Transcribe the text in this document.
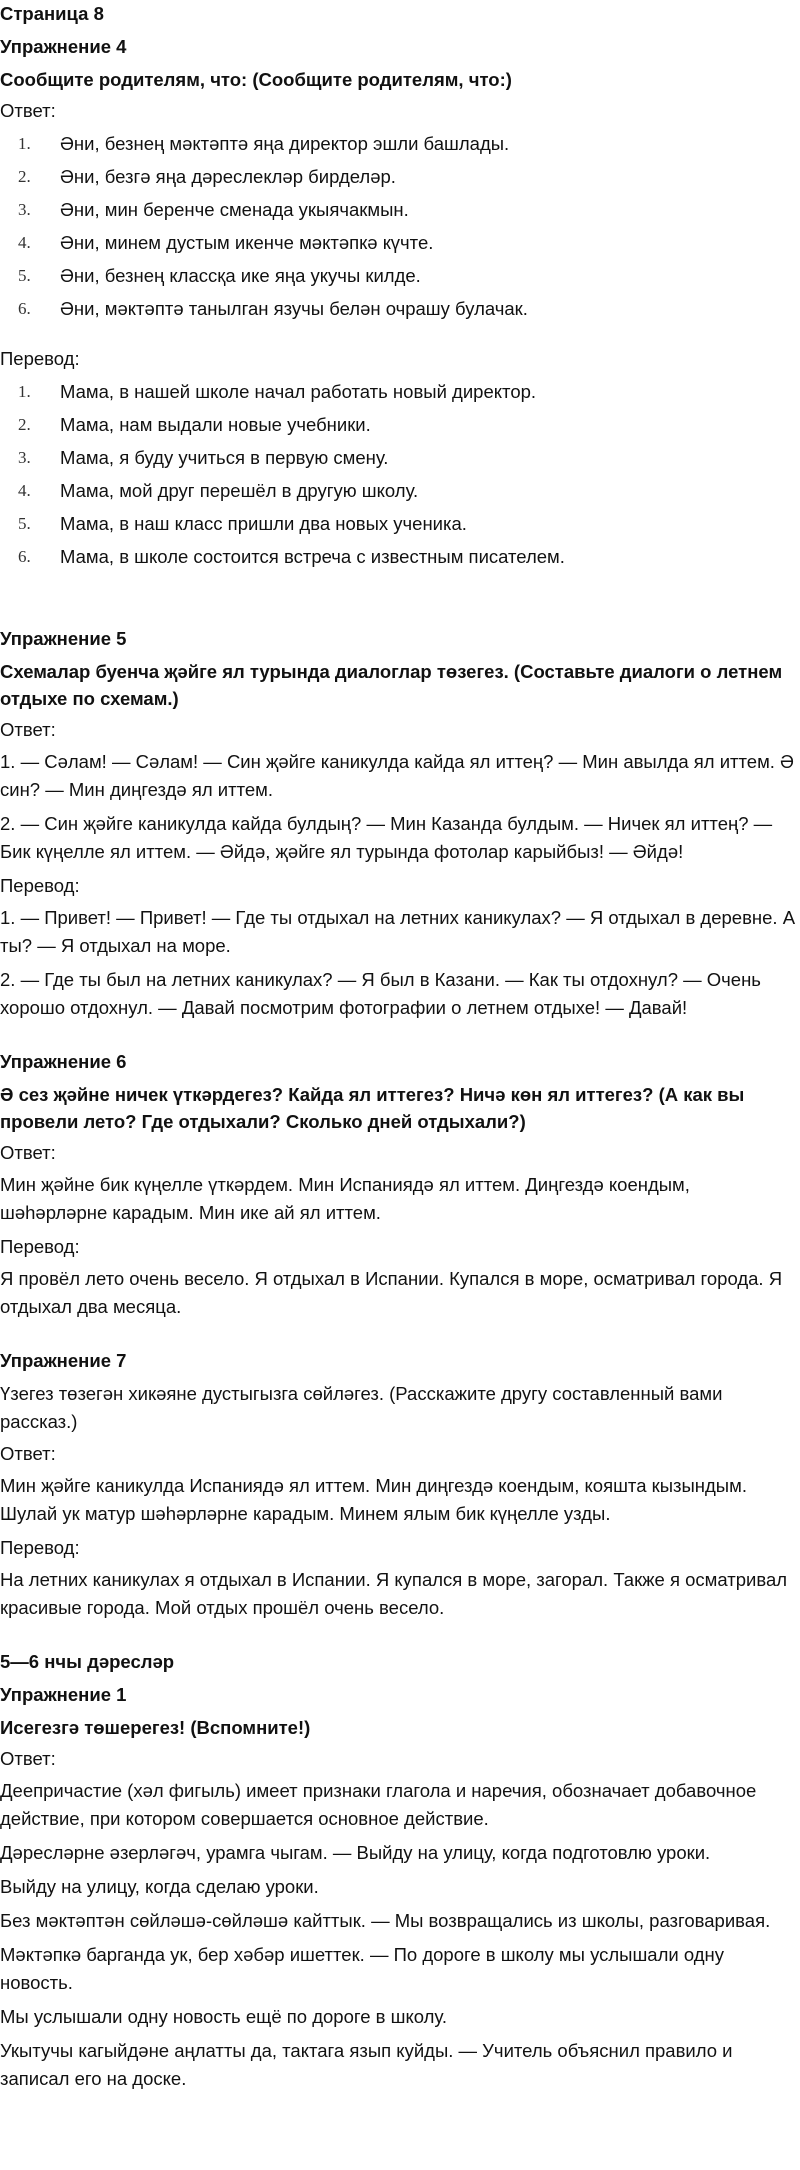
Страница 8

Упражнение 4

Сообщите родителям, что: (Сообщите родителям, что:)

Ответ:

1. Әни, безнең мәктәптә яңа директор эшли башлады.
2. Әни, безгә яңа дәреслекләр бирделәр.
3. Әни, мин беренче сменада укыячакмын.
4. Әни, минем дустым икенче мәктәпкә күчте.
5. Әни, безнең классқа ике яңа укучы килде.
6. Әни, мәктәптә танылган язучы белән очрашу булачак.

Перевод:

1. Мама, в нашей школе начал работать новый директор.
2. Мама, нам выдали новые учебники.
3. Мама, я буду учиться в первую смену.
4. Мама, мой друг перешёл в другую школу.
5. Мама, в наш класс пришли два новых ученика.
6. Мама, в школе состоится встреча с известным писателем.

Упражнение 5

Схемалар буенча җәйге ял турында диалоглар төзегез. (Составьте диалоги о летнем отдыхе по схемам.)

Ответ:

1. — Сәлам! — Сәлам! — Син җәйге каникулда кайда ял иттең? — Мин авылда ял иттем. Ә син? — Мин диңгездә ял иттем.

2. — Син җәйге каникулда кайда булдың? — Мин Казанда булдым. — Ничек ял иттең? — Бик күңелле ял иттем. — Әйдә, җәйге ял турында фотолар карыйбыз! — Әйдә!

Перевод:

1. — Привет! — Привет! — Где ты отдыхал на летних каникулах? — Я отдыхал в деревне. А ты? — Я отдыхал на море.

2. — Где ты был на летних каникулах? — Я был в Казани. — Как ты отдохнул? — Очень хорошо отдохнул. — Давай посмотрим фотографии о летнем отдыхе! — Давай!

Упражнение 6

Ә сез җәйне ничек үткәрдегез? Кайда ял иттегез? Ничә көн ял иттегез? (А как вы провели лето? Где отдыхали? Сколько дней отдыхали?)

Ответ:

Мин җәйне бик күңелле үткәрдем. Мин Испаниядә ял иттем. Диңгездә коендым, шәһәрләрне карадым. Мин ике ай ял иттем.

Перевод:

Я провёл лето очень весело. Я отдыхал в Испании. Купался в море, осматривал города. Я отдыхал два месяца.

Упражнение 7

Үзегез төзегән хикәяне дустыгызга сөйләгез. (Расскажите другу составленный вами рассказ.)

Ответ:

Мин җәйге каникулда Испаниядә ял иттем. Мин диңгездә коендым, кояшта кызындым. Шулай ук матур шәһәрләрне карадым. Минем ялым бик күңелле узды.

Перевод:

На летних каникулах я отдыхал в Испании. Я купался в море, загорал. Также я осматривал красивые города. Мой отдых прошёл очень весело.

5—6 нчы дәресләр

Упражнение 1

Исегезгә төшерегез! (Вспомните!)

Ответ:

Деепричастие (хәл фигыль) имеет признаки глагола и наречия, обозначает добавочное действие, при котором совершается основное действие.

Дәресләрне әзерләгәч, урамга чыгам. — Выйду на улицу, когда подготовлю уроки.

Выйду на улицу, когда сделаю уроки.

Без мәктәптән сөйләшә-сөйләшә кайттык. — Мы возвращались из школы, разговаривая.

Мәктәпкә барганда ук, бер хәбәр ишеттек. — По дороге в школу мы услышали одну новость.

Мы услышали одну новость ещё по дороге в школу.

Укытучы кагыйдәне аңлатты да, тактага язып куйды. — Учитель объяснил правило и записал его на доске.
